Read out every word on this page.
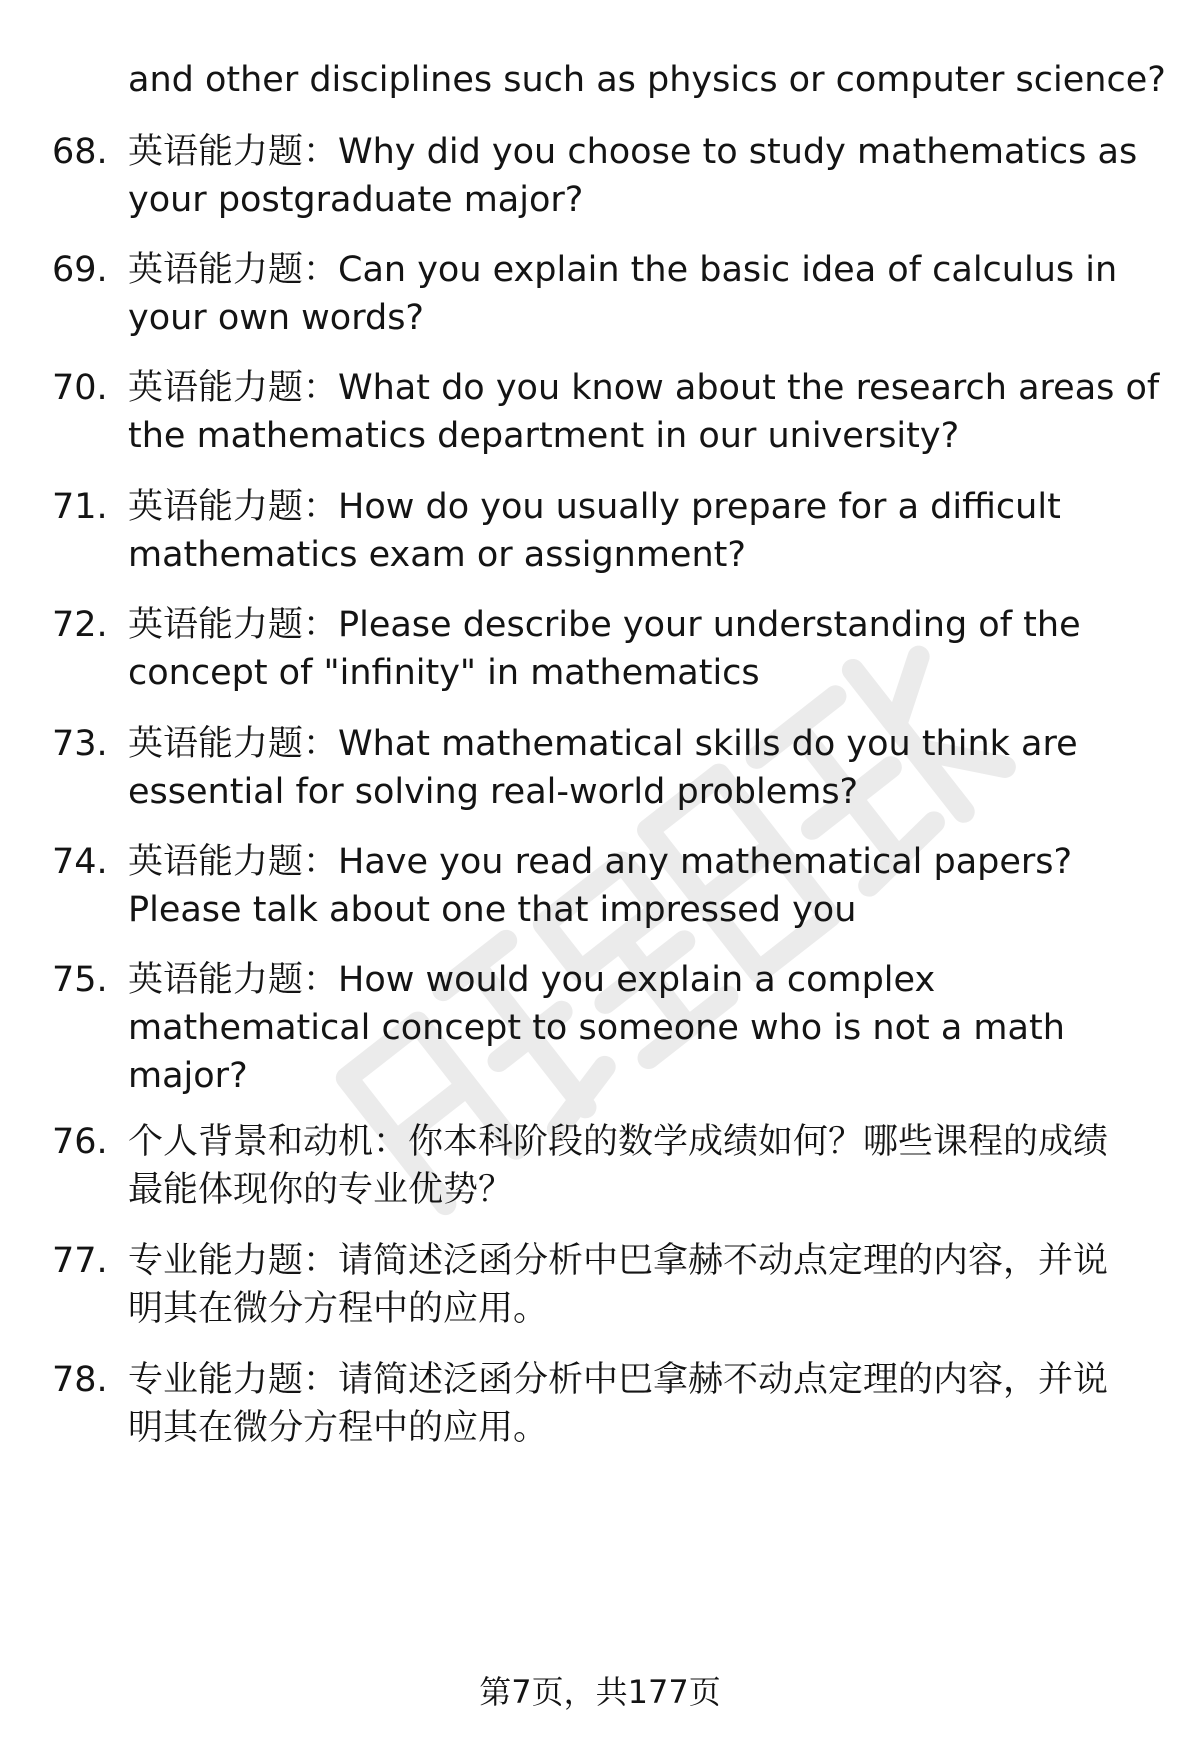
and other disciplines such as physics or computer science?
68. 英语能力题：Why did you choose to study mathematics as
your postgraduate major?
69. 英语能力题：Can you explain the basic idea of calculus in
your own words?
70. 英语能力题：What do you know about the research areas of
the mathematics department in our university?
71. 英语能力题：How do you usually prepare for a difficult
mathematics exam or assignment?
72. 英语能力题：Please describe your understanding of the
concept of "infinity" in mathematics
73. 英语能力题：What mathematical skills do you think are
essential for solving real-world problems?
74. 英语能力题：Have you read any mathematical papers?
Please talk about one that impressed you
75. 英语能力题：How would you explain a complex
mathematical concept to someone who is not a math
major?
76. 个人背景和动机：你本科阶段的数学成绩如何？哪些课程的成绩
最能体现你的专业优势？
77. 专业能力题：请简述泛函分析中巴拿赫不动点定理的内容，并说
明其在微分方程中的应用。
78. 专业能力题：请简述泛函分析中巴拿赫不动点定理的内容，并说
明其在微分方程中的应用。
第7页，共177页
